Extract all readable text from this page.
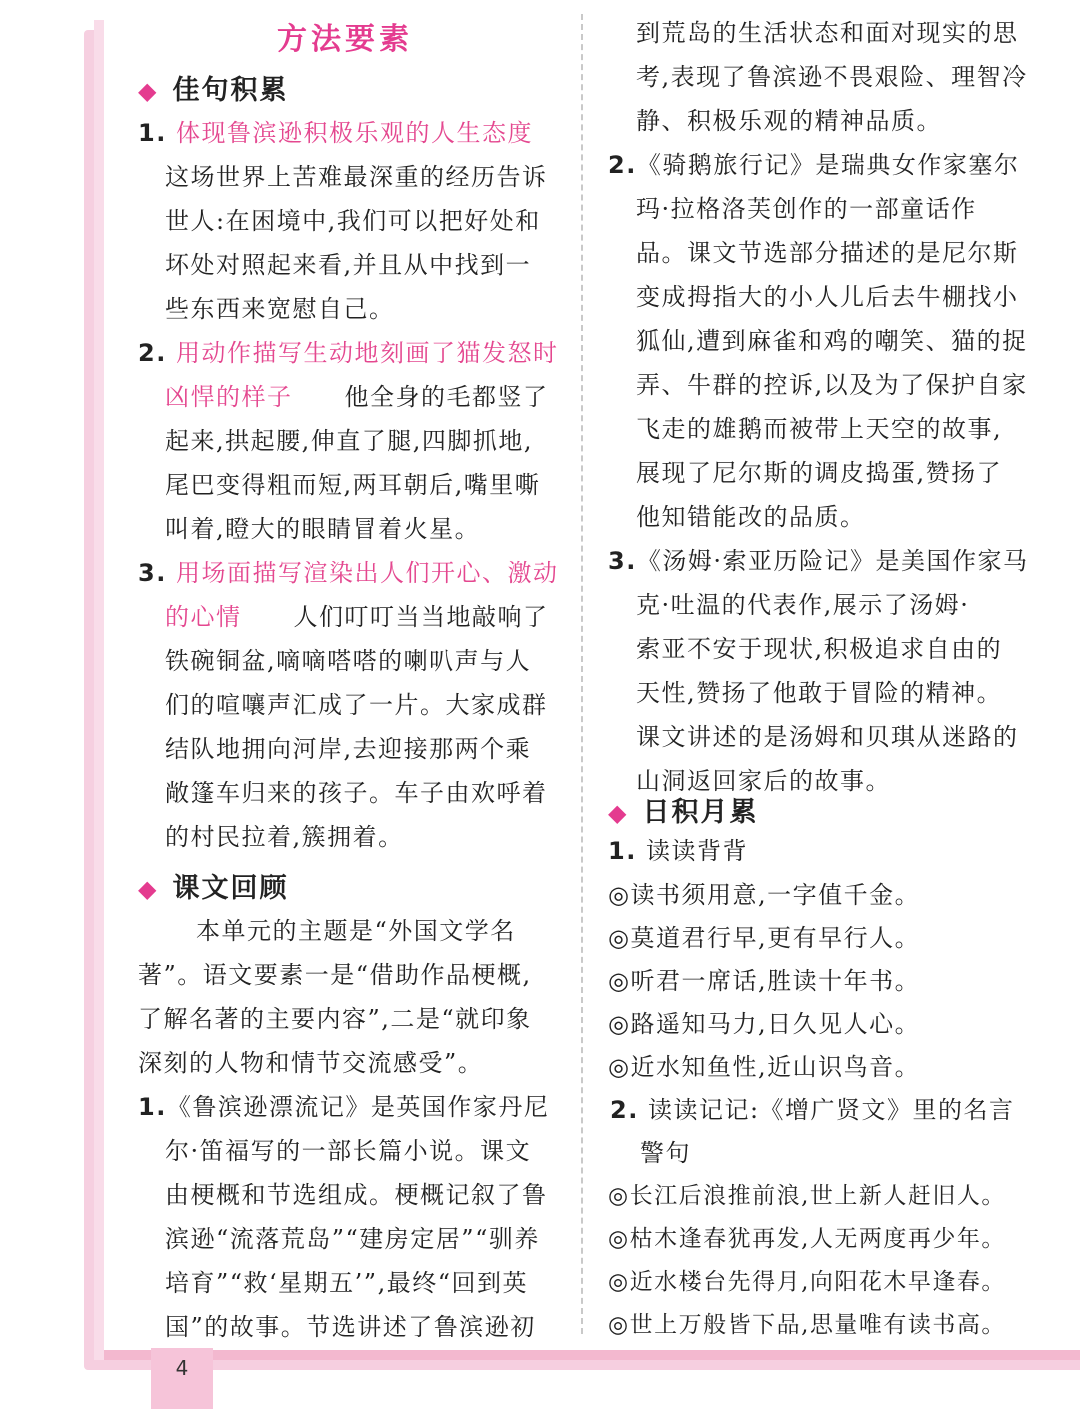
方法要素
◆ 佳句积累
1. 体现鲁滨逊积极乐观的人生态度
这场世界上苦难最深重的经历告诉
世人:在困境中,我们可以把好处和
坏处对照起来看,并且从中找到一
些东西来宽慰自己。
2. 用动作描写生动地刻画了猫发怒时
凶悍的样子 他全身的毛都竖了
起来,拱起腰,伸直了腿,四脚抓地,
尾巴变得粗而短,两耳朝后,嘴里嘶
叫着,瞪大的眼睛冒着火星。
3. 用场面描写渲染出人们开心、激动
的心情 人们叮叮当当地敲响了
铁碗铜盆,嘀嘀嗒嗒的喇叭声与人
们的喧嚷声汇成了一片。大家成群
结队地拥向河岸,去迎接那两个乘
敞篷车归来的孩子。车子由欢呼着
的村民拉着,簇拥着。
◆ 课文回顾
本单元的主题是“外国文学名
著”。语文要素一是“借助作品梗概,
了解名著的主要内容”,二是“就印象
深刻的人物和情节交流感受”。
1.《鲁滨逊漂流记》是英国作家丹尼
尔·笛福写的一部长篇小说。课文
由梗概和节选组成。梗概记叙了鲁
滨逊“流落荒岛”“建房定居”“驯养
培育”“救‘星期五’”,最终“回到英
国”的故事。节选讲述了鲁滨逊初
到荒岛的生活状态和面对现实的思
考,表现了鲁滨逊不畏艰险、理智冷
静、积极乐观的精神品质。
2.《骑鹅旅行记》是瑞典女作家塞尔
玛·拉格洛芙创作的一部童话作
品。课文节选部分描述的是尼尔斯
变成拇指大的小人儿后去牛棚找小
狐仙,遭到麻雀和鸡的嘲笑、猫的捉
弄、牛群的控诉,以及为了保护自家
飞走的雄鹅而被带上天空的故事,
展现了尼尔斯的调皮捣蛋,赞扬了
他知错能改的品质。
3.《汤姆·索亚历险记》是美国作家马
克·吐温的代表作,展示了汤姆·
索亚不安于现状,积极追求自由的
天性,赞扬了他敢于冒险的精神。
课文讲述的是汤姆和贝琪从迷路的
山洞返回家后的故事。
◆ 日积月累
1. 读读背背
◎读书须用意,一字值千金。
◎莫道君行早,更有早行人。
◎听君一席话,胜读十年书。
◎路遥知马力,日久见人心。
◎近水知鱼性,近山识鸟音。
2. 读读记记:《增广贤文》里的名言
警句
◎长江后浪推前浪,世上新人赶旧人。
◎枯木逢春犹再发,人无两度再少年。
◎近水楼台先得月,向阳花木早逢春。
◎世上万般皆下品,思量唯有读书高。
4
